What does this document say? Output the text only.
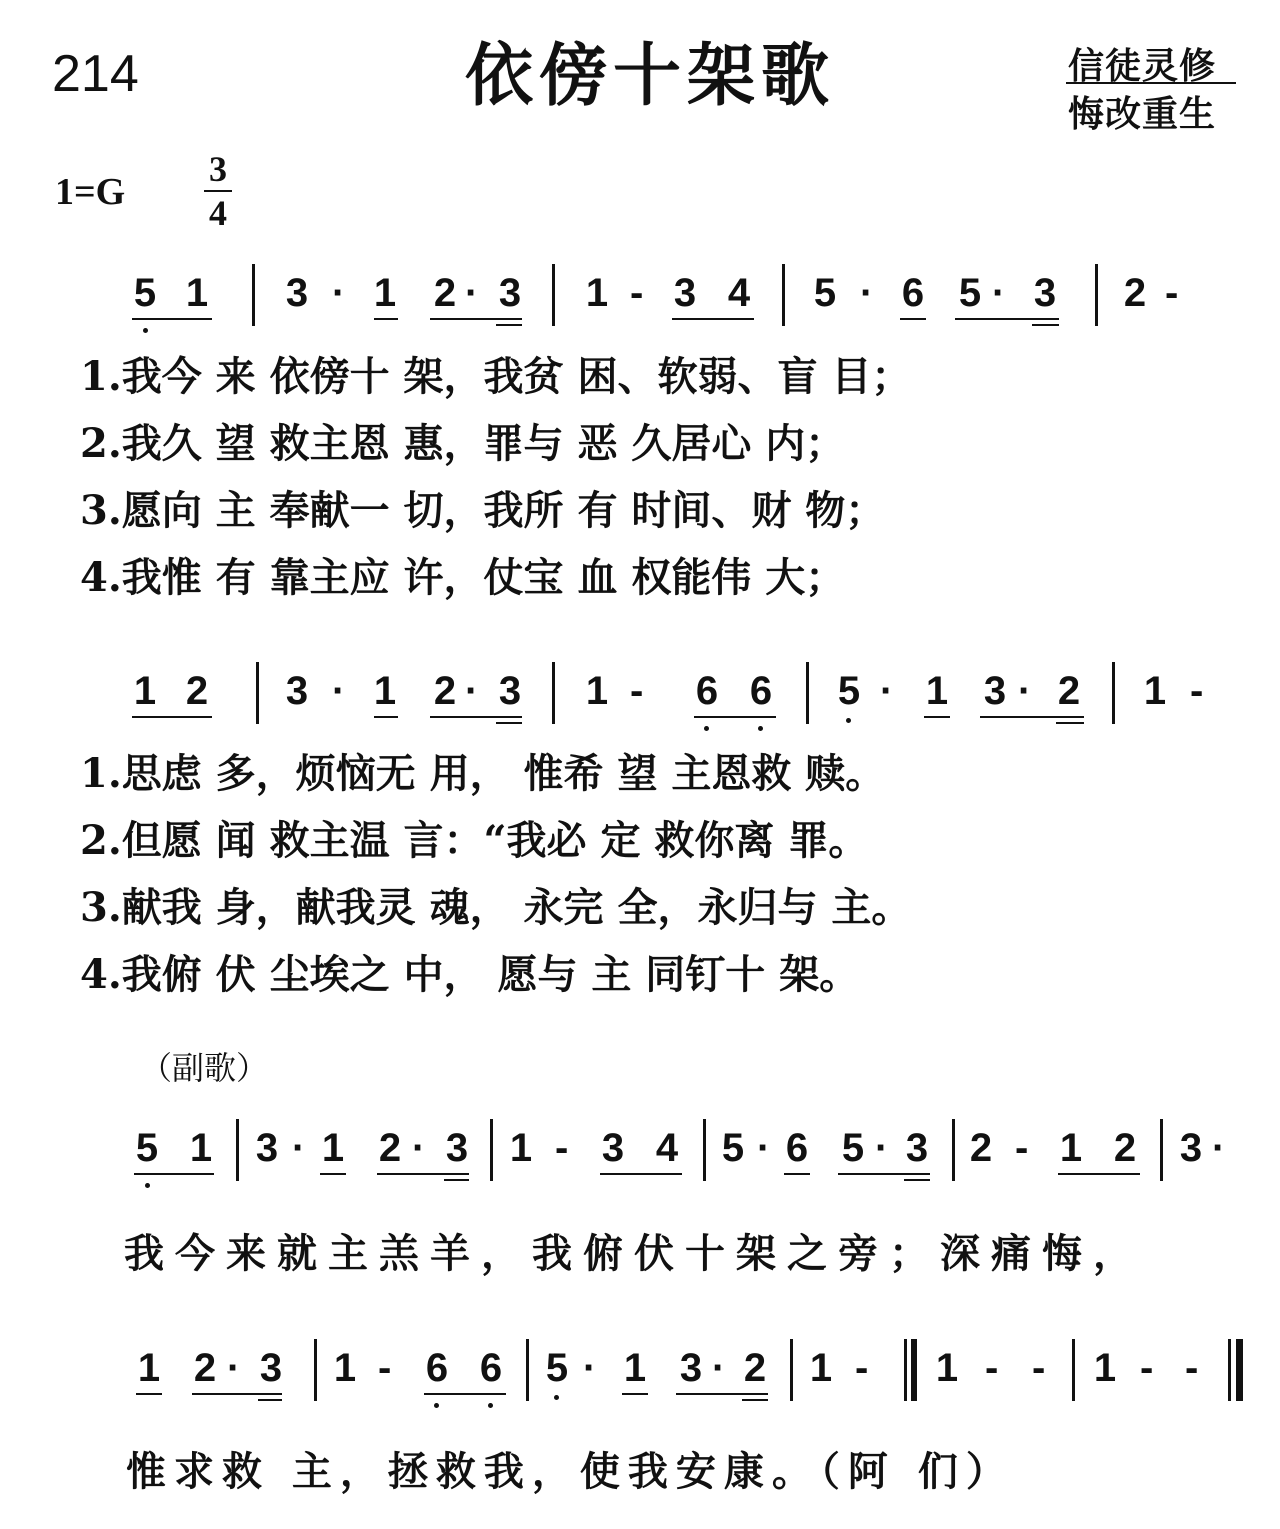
214	依傍十架歌	信徒灵修
悔改重生
1=G
3
4
5 1 3 · 1 2 · 3 1 - 3 4 5 · 6 5 · 3 2 -
1.我今 来 依傍十 架，我贫 困、软弱、盲 目；
2.我久 望 救主恩 惠，罪与 恶 久居心 内；
3.愿向 主 奉献一 切，我所 有 时间、财 物；
4.我惟 有 靠主应 许，仗宝 血 权能伟 大；
1 2 3 · 1 2 · 3 1 - 6 6 5 · 1 3 · 2 1 -
1.思虑 多，烦恼无 用， 惟希 望 主恩救 赎。
2.但愿 闻 救主温 言：“我必 定 救你离 罪。
3.献我 身，献我灵 魂， 永完 全，永归与 主。
4.我俯 伏 尘埃之 中， 愿与 主 同钉十 架。
（副歌）
5 1 3 · 1 2 · 3 1 - 3 4 5 · 6 5 · 3 2 - 1 2 3 ·
我今来就主羔羊，我俯伏十架之旁；深痛悔，
1 2 · 3 1 - 6 6 5 · 1 3 · 2 1 - 1 - - 1 - -
惟求救 主，拯救我，使我安康。（阿 们）
